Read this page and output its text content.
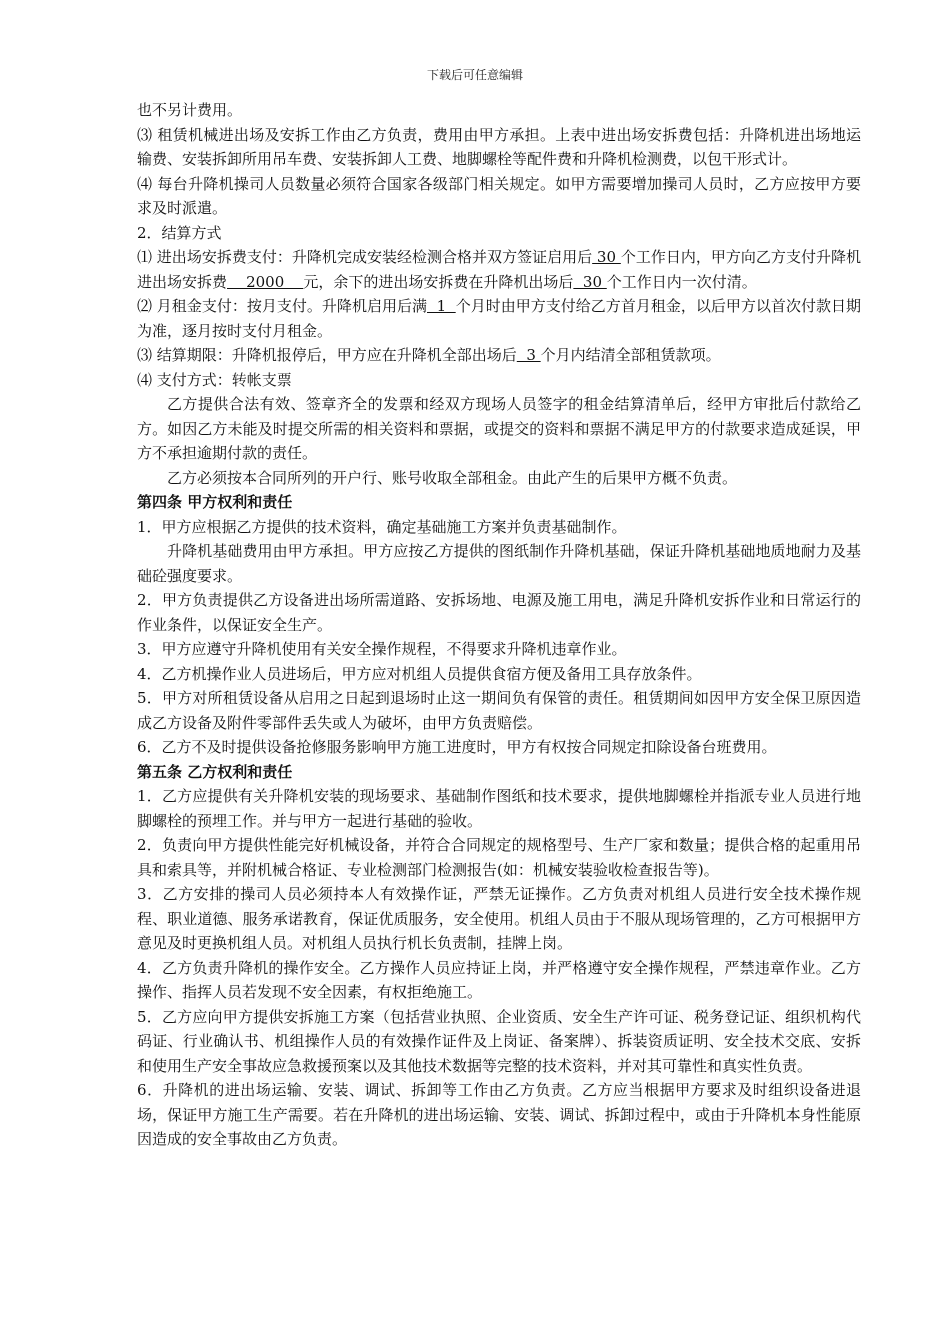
下载后可任意编辑

也不另计费用。

⑶ 租赁机械进出场及安拆工作由乙方负责，费用由甲方承担。上表中进出场安拆费包括：升降机进出场地运输费、安装拆卸所用吊车费、安装拆卸人工费、地脚螺栓等配件费和升降机检测费，以包干形式计。

⑷ 每台升降机操司人员数量必须符合国家各级部门相关规定。如甲方需要增加操司人员时，乙方应按甲方要求及时派遣。

2．结算方式

⑴ 进出场安拆费支付：升降机完成安装经检测合格并双方签证启用后 30 个工作日内，甲方向乙方支付升降机进出场安拆费    2000    元，余下的进出场安拆费在升降机出场后  30 个工作日内一次付清。

⑵ 月租金支付：按月支付。升降机启用后满  1  个月时由甲方支付给乙方首月租金，以后甲方以首次付款日期为准，逐月按时支付月租金。

⑶ 结算期限：升降机报停后，甲方应在升降机全部出场后  3 个月内结清全部租赁款项。

⑷ 支付方式：转帐支票

乙方提供合法有效、签章齐全的发票和经双方现场人员签字的租金结算清单后，经甲方审批后付款给乙方。如因乙方未能及时提交所需的相关资料和票据，或提交的资料和票据不满足甲方的付款要求造成延误，甲方不承担逾期付款的责任。

乙方必须按本合同所列的开户行、账号收取全部租金。由此产生的后果甲方概不负责。

第四条 甲方权利和责任

1．甲方应根据乙方提供的技术资料，确定基础施工方案并负责基础制作。

升降机基础费用由甲方承担。甲方应按乙方提供的图纸制作升降机基础，保证升降机基础地质地耐力及基础砼强度要求。

2．甲方负责提供乙方设备进出场所需道路、安拆场地、电源及施工用电，满足升降机安拆作业和日常运行的作业条件，以保证安全生产。

3．甲方应遵守升降机使用有关安全操作规程，不得要求升降机违章作业。

4．乙方机操作业人员进场后，甲方应对机组人员提供食宿方便及备用工具存放条件。

5．甲方对所租赁设备从启用之日起到退场时止这一期间负有保管的责任。租赁期间如因甲方安全保卫原因造成乙方设备及附件零部件丢失或人为破坏，由甲方负责赔偿。

6．乙方不及时提供设备抢修服务影响甲方施工进度时，甲方有权按合同规定扣除设备台班费用。

第五条 乙方权利和责任

1．乙方应提供有关升降机安装的现场要求、基础制作图纸和技术要求，提供地脚螺栓并指派专业人员进行地脚螺栓的预埋工作。并与甲方一起进行基础的验收。

2．负责向甲方提供性能完好机械设备，并符合合同规定的规格型号、生产厂家和数量；提供合格的起重用吊具和索具等，并附机械合格证、专业检测部门检测报告(如：机械安装验收检查报告等)。

3．乙方安排的操司人员必须持本人有效操作证，严禁无证操作。乙方负责对机组人员进行安全技术操作规程、职业道德、服务承诺教育，保证优质服务，安全使用。机组人员由于不服从现场管理的，乙方可根据甲方意见及时更换机组人员。对机组人员执行机长负责制，挂牌上岗。

4．乙方负责升降机的操作安全。乙方操作人员应持证上岗，并严格遵守安全操作规程，严禁违章作业。乙方操作、指挥人员若发现不安全因素，有权拒绝施工。

5．乙方应向甲方提供安拆施工方案（包括营业执照、企业资质、安全生产许可证、税务登记证、组织机构代码证、行业确认书、机组操作人员的有效操作证件及上岗证、备案牌）、拆装资质证明、安全技术交底、安拆和使用生产安全事故应急救援预案以及其他技术数据等完整的技术资料，并对其可靠性和真实性负责。

6．升降机的进出场运输、安装、调试、拆卸等工作由乙方负责。乙方应当根据甲方要求及时组织设备进退场，保证甲方施工生产需要。若在升降机的进出场运输、安装、调试、拆卸过程中，或由于升降机本身性能原因造成的安全事故由乙方负责。
